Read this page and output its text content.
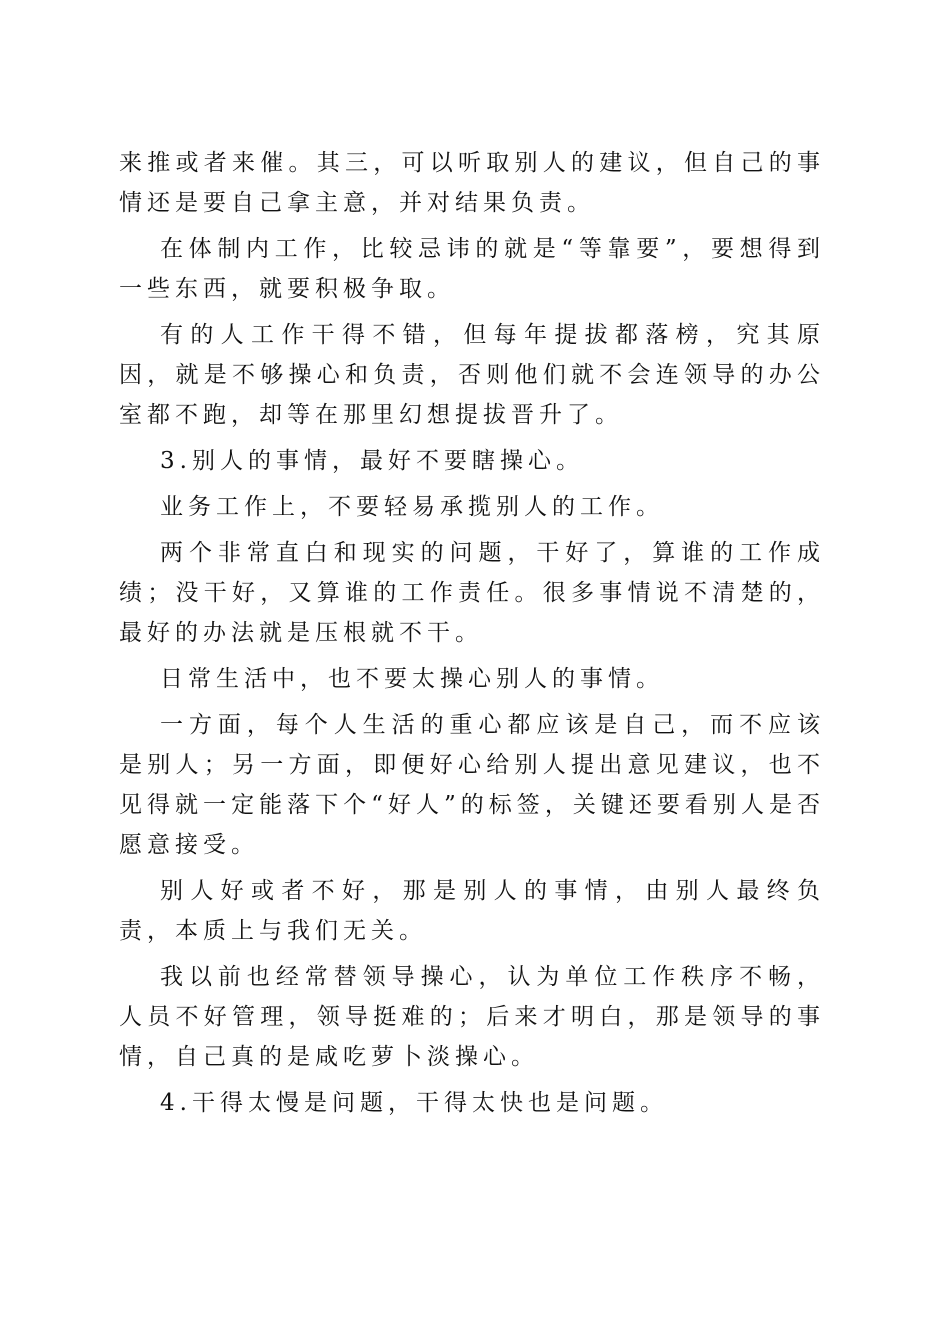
来推或者来催。其三，可以听取别人的建议，但自己的事情还是要自己拿主意，并对结果负责。

在体制内工作，比较忌讳的就是“等靠要”，要想得到一些东西，就要积极争取。

有的人工作干得不错，但每年提拔都落榜，究其原因，就是不够操心和负责，否则他们就不会连领导的办公室都不跑，却等在那里幻想提拔晋升了。

3.别人的事情，最好不要瞎操心。

业务工作上，不要轻易承揽别人的工作。

两个非常直白和现实的问题，干好了，算谁的工作成绩；没干好，又算谁的工作责任。很多事情说不清楚的，最好的办法就是压根就不干。

日常生活中，也不要太操心别人的事情。

一方面，每个人生活的重心都应该是自己，而不应该是别人；另一方面，即便好心给别人提出意见建议，也不见得就一定能落下个“好人”的标签，关键还要看别人是否愿意接受。

别人好或者不好，那是别人的事情，由别人最终负责，本质上与我们无关。

我以前也经常替领导操心，认为单位工作秩序不畅，人员不好管理，领导挺难的；后来才明白，那是领导的事情，自己真的是咸吃萝卜淡操心。

4.干得太慢是问题，干得太快也是问题。
